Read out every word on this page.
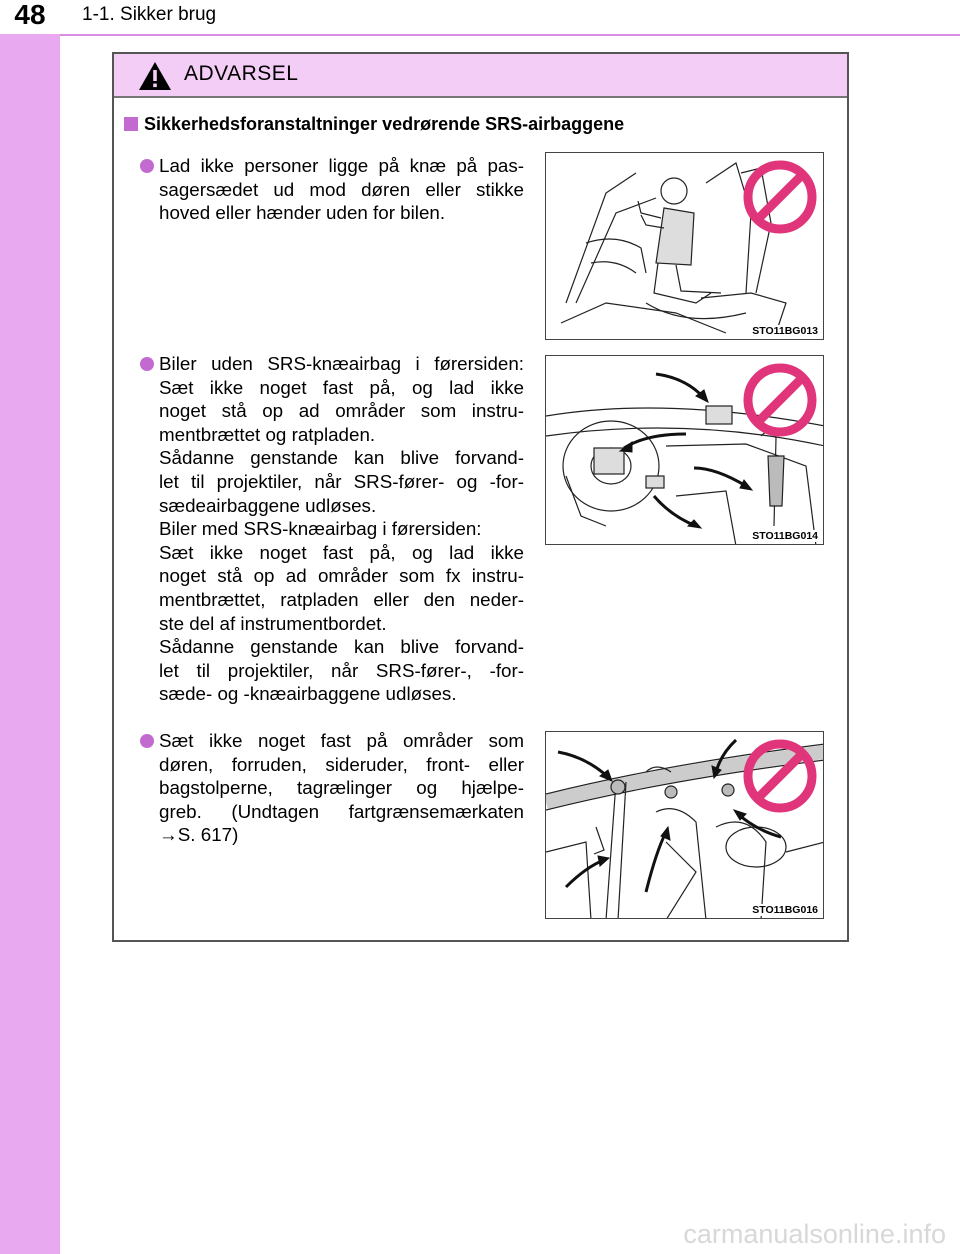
48	1-1. Sikker brug
ADVARSEL
Sikkerhedsforanstaltninger vedrørende SRS-airbaggene
Lad ikke personer ligge på knæ på pas-
sagersædet ud mod døren eller stikke
hoved eller hænder uden for bilen.
STO11BG013
Biler uden SRS-knæairbag i førersiden:
Sæt ikke noget fast på, og lad ikke
noget stå op ad områder som instru-
mentbrættet og ratpladen.
Sådanne genstande kan blive forvand-
let til projektiler, når SRS-fører- og -for-
sædeairbaggene udløses.
Biler med SRS-knæairbag i førersiden:
Sæt ikke noget fast på, og lad ikke
noget stå op ad områder som fx instru-
mentbrættet, ratpladen eller den neder-
ste del af instrumentbordet.
Sådanne genstande kan blive forvand-
let til projektiler, når SRS-fører-, -for-
sæde- og -knæairbaggene udløses.
STO11BG014
Sæt ikke noget fast på områder som
døren, forruden, sideruder, front- eller
bagstolperne, tagrælinger og hjælpe-
greb. (Undtagen fartgrænsemærkaten
→S. 617)
STO11BG016
carmanualsonline.info
